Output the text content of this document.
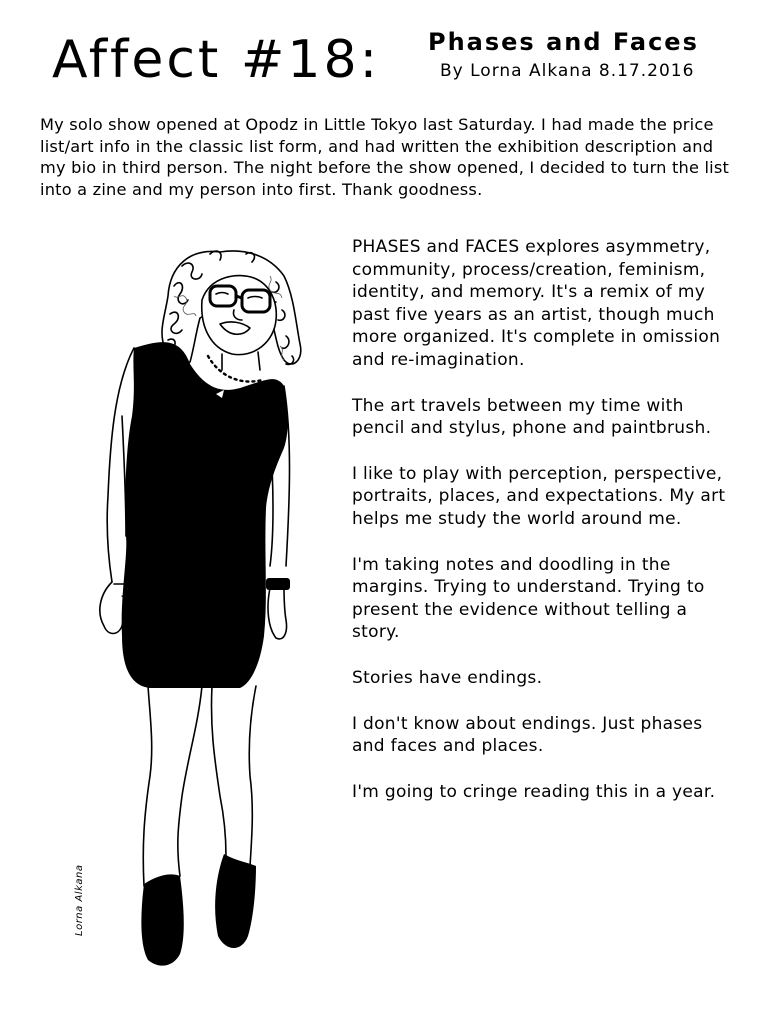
Affect #18: Phases and Faces
By Lorna Alkana 8.17.2016

My solo show opened at Opodz in Little Tokyo last Saturday. I had made the price list/art info in the classic list form, and had written the exhibition description and my bio in third person. The night before the show opened, I decided to turn the list into a zine and my person into first. Thank goodness.

Lorna Alkana

PHASES and FACES explores asymmetry, community, process/creation, feminism, identity, and memory. It's a remix of my past five years as an artist, though much more organized. It's complete in omission and re-imagination.

The art travels between my time with pencil and stylus, phone and paintbrush.

I like to play with perception, perspective, portraits, places, and expectations. My art helps me study the world around me.

I'm taking notes and doodling in the margins. Trying to understand. Trying to present the evidence without telling a story.

Stories have endings.

I don't know about endings. Just phases and faces and places.

I'm going to cringe reading this in a year.
